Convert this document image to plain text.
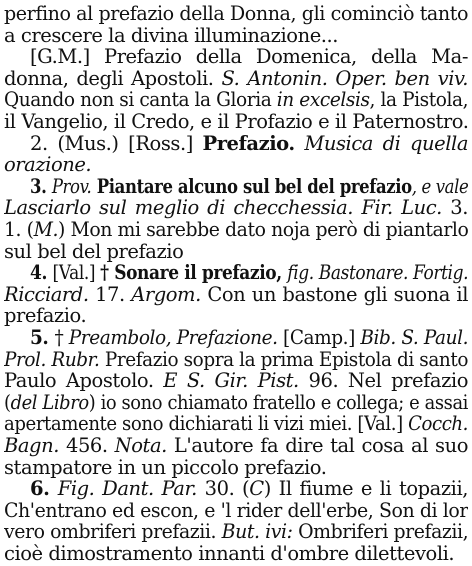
perfino al prefazio della Donna, gli cominciò tanto
a crescere la divina illuminazione...
[G.M.] Prefazio della Domenica, della Ma-
donna, degli Apostoli. S. Antonin. Oper. ben viv.
Quando non si canta la Gloria in excelsis, la Pistola,
il Vangelio, il Credo, e il Profazio e il Paternostro.
2. (Mus.) [Ross.] Prefazio. Musica di quella
orazione.
3. Prov. Piantare alcuno sul bel del prefazio, e vale
Lasciarlo sul meglio di checchessia. Fir. Luc. 3.
1. (M.) Mon mi sarebbe dato noja però di piantarlo
sul bel del prefazio
4. [Val.] † Sonare il prefazio, fig. Bastonare. Fortig.
Ricciard. 17. Argom. Con un bastone gli suona il
prefazio.
5. † Preambolo, Prefazione. [Camp.] Bib. S. Paul.
Prol. Rubr. Prefazio sopra la prima Epistola di santo
Paulo Apostolo. E S. Gir. Pist. 96. Nel prefazio
(del Libro) io sono chiamato fratello e collega; e assai
apertamente sono dichiarati li vizi miei. [Val.] Cocch.
Bagn. 456. Nota. L'autore fa dire tal cosa al suo
stampatore in un piccolo prefazio.
6. Fig. Dant. Par. 30. (C) Il fiume e li topazii,
Ch'entrano ed escon, e 'l rider dell'erbe, Son di lor
vero ombriferi prefazii. But. ivi: Ombriferi prefazii,
cioè dimostramento innanti d'ombre dilettevoli.
